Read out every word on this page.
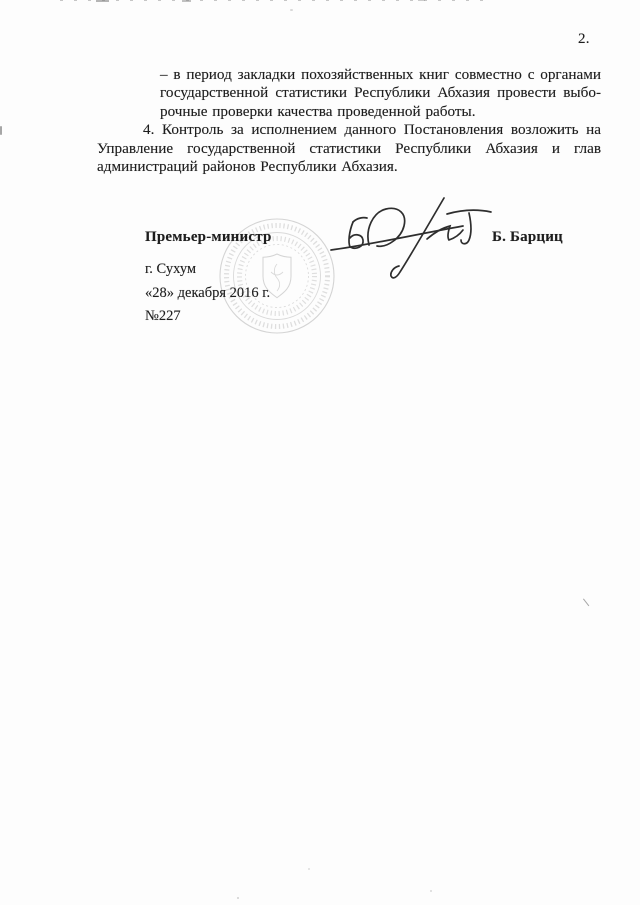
2.
– в период закладки похозяйственных книг совместно с органами
государственной статистики Республики Абхазия провести выбо-
рочные проверки качества проведенной работы.
4. Контроль за исполнением данного Постановления возложить на
Управление государственной статистики Республики Абхазия и глав
администраций районов Республики Абхазия.
Премьер-министр	Б. Барциц
г. Сухум
«28» декабря 2016 г.
№227
